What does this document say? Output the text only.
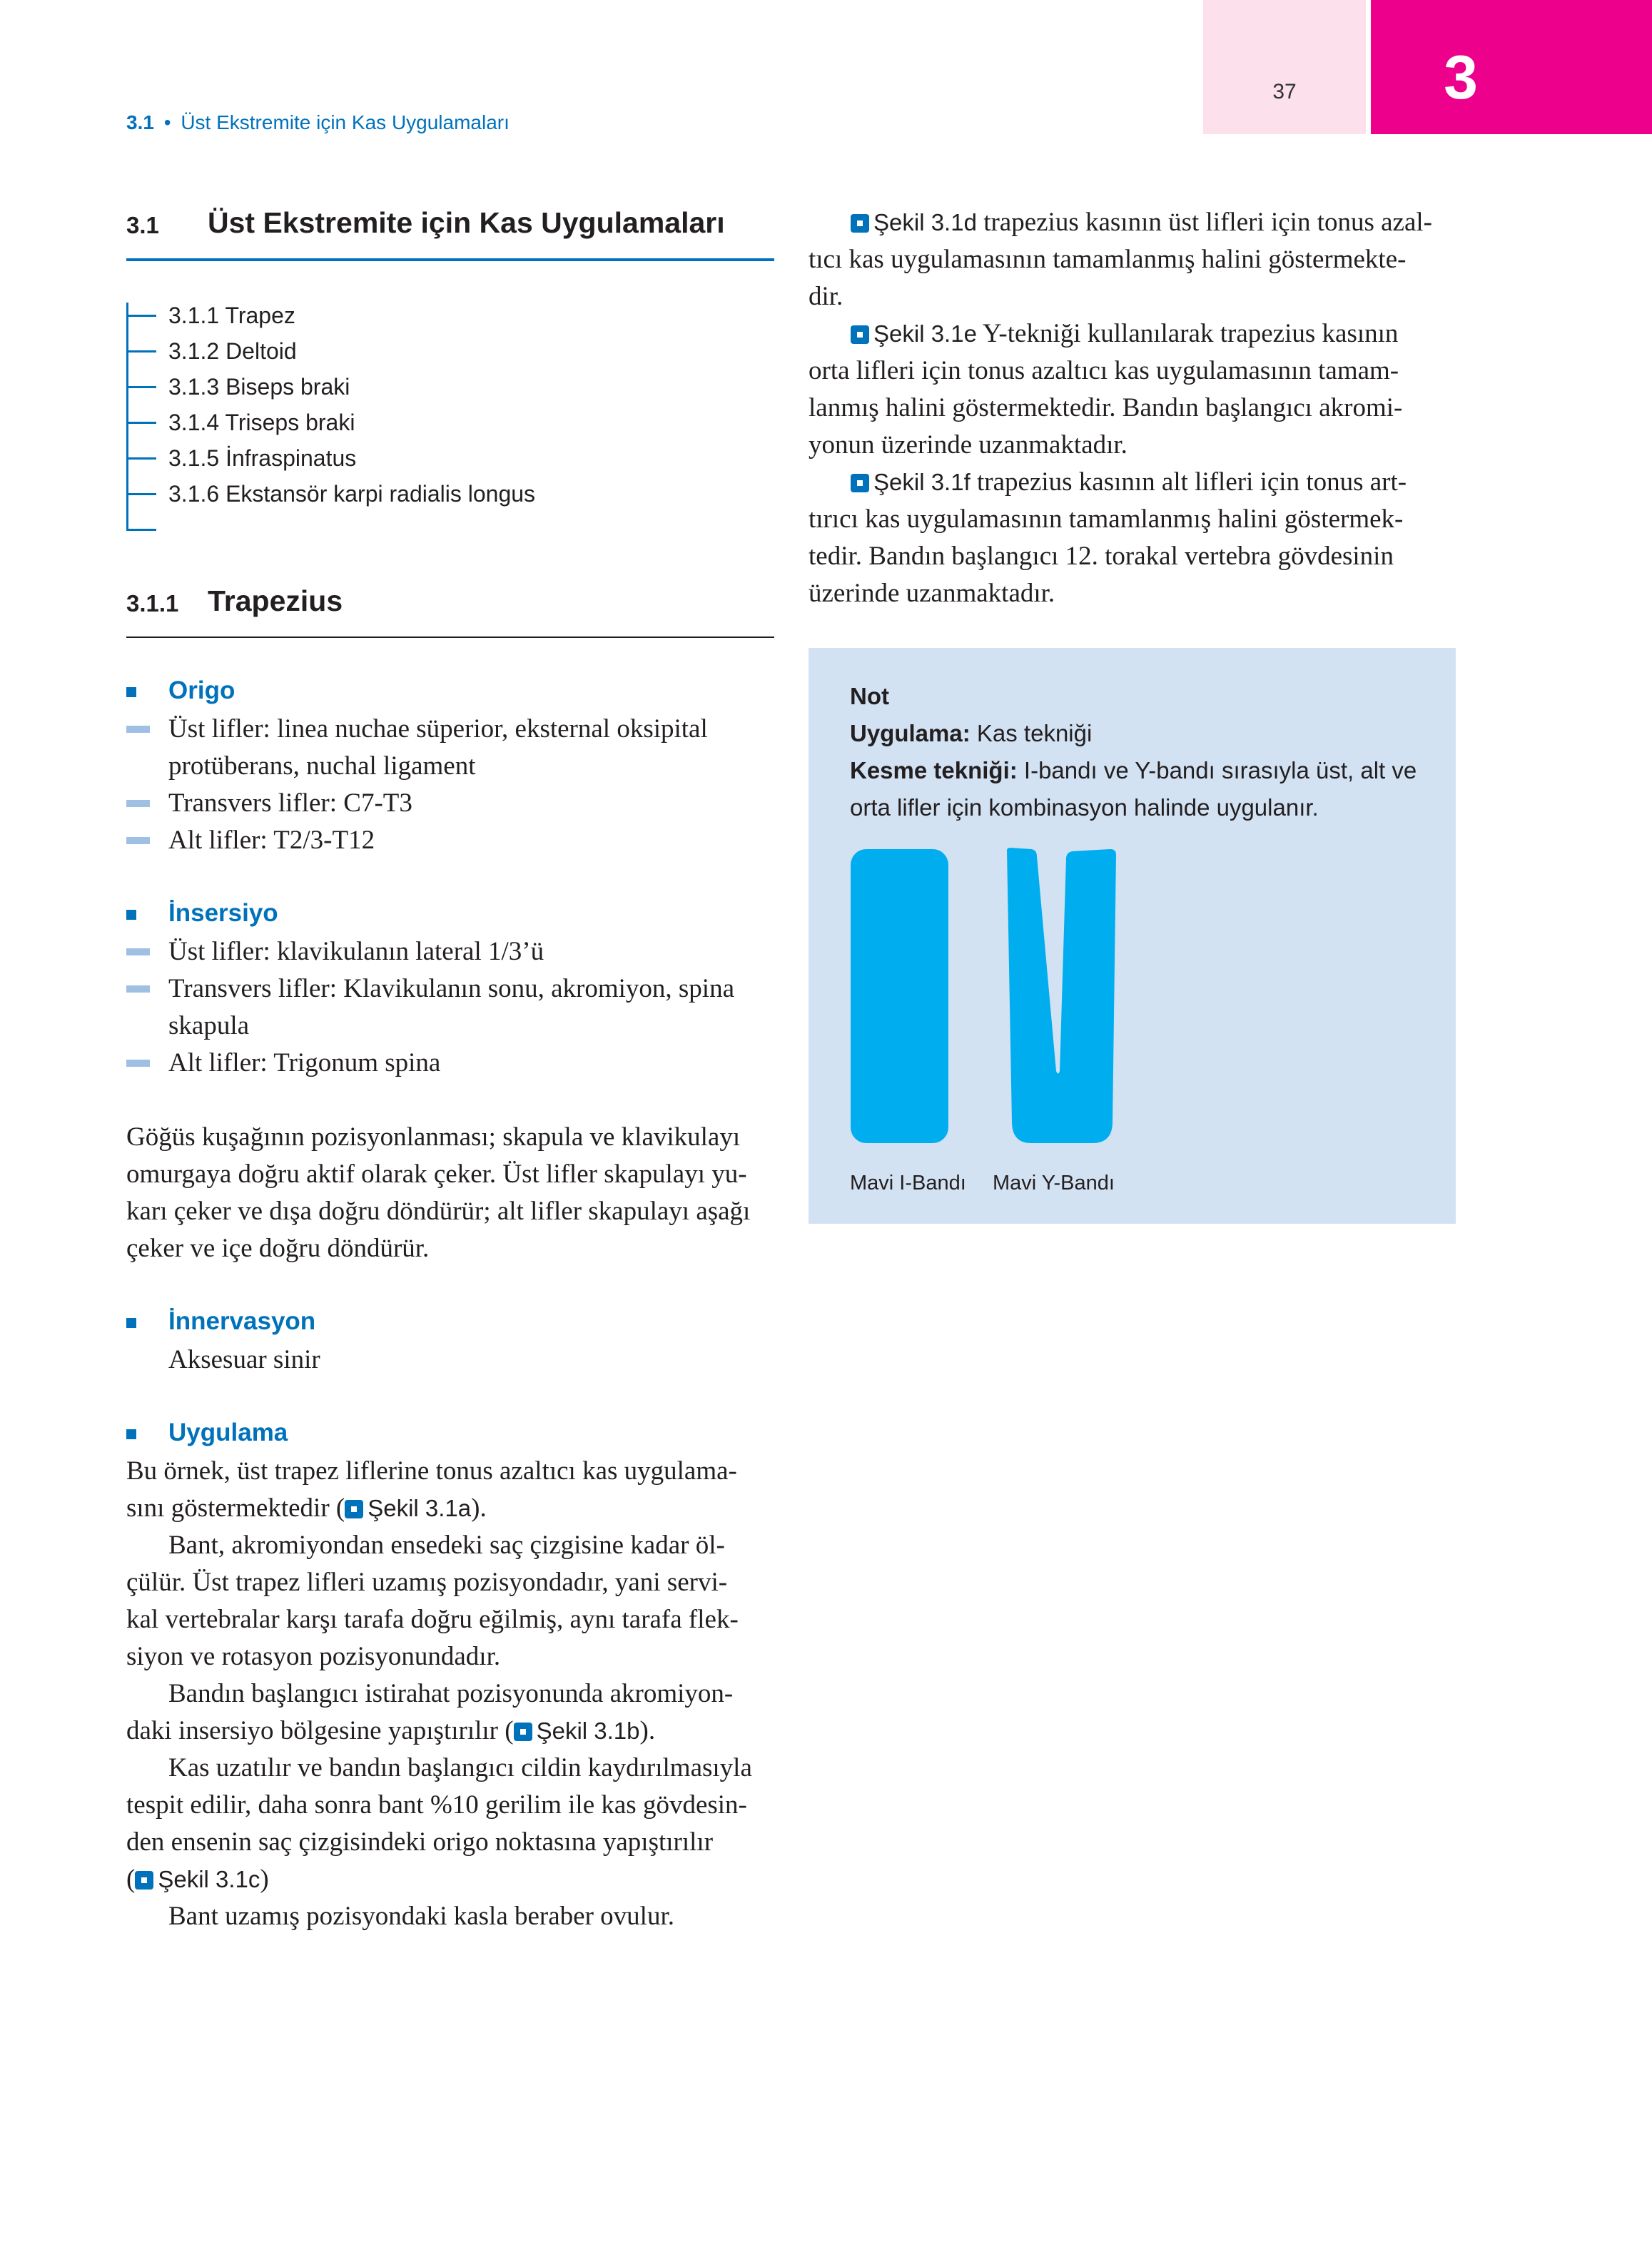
37	3
3.1 • Üst Ekstremite için Kas Uygulamaları
3.1 Üst Ekstremite için Kas Uygulamaları
3.1.1 Trapez
3.1.2 Deltoid
3.1.3 Biseps braki
3.1.4 Triseps braki
3.1.5 İnfraspinatus
3.1.6 Ekstansör karpi radialis longus
3.1.1 Trapezius
Origo
Üst lifler: linea nuchae süperior, eksternal oksipital
protüberans, nuchal ligament
Transvers lifler: C7-T3
Alt lifler: T2/3-T12
İnsersiyo
Üst lifler: klavikulanın lateral 1/3’ü
Transvers lifler: Klavikulanın sonu, akromiyon, spina
skapula
Alt lifler: Trigonum spina
Göğüs kuşağının pozisyonlanması; skapula ve klavikulayı
omurgaya doğru aktif olarak çeker. Üst lifler skapulayı yu-
karı çeker ve dışa doğru döndürür; alt lifler skapulayı aşağı
çeker ve içe doğru döndürür.
İnnervasyon
Aksesuar sinir
Uygulama
Bu örnek, üst trapez liflerine tonus azaltıcı kas uygulama-
sını göstermektedir ( Şekil 3.1a).
Bant, akromiyondan ensedeki saç çizgisine kadar öl-
çülür. Üst trapez lifleri uzamış pozisyondadır, yani servi-
kal vertebralar karşı tarafa doğru eğilmiş, aynı tarafa flek-
siyon ve rotasyon pozisyonundadır.
Bandın başlangıcı istirahat pozisyonunda akromiyon-
daki insersiyo bölgesine yapıştırılır ( Şekil 3.1b).
Kas uzatılır ve bandın başlangıcı cildin kaydırılmasıyla
tespit edilir, daha sonra bant %10 gerilim ile kas gövdesin-
den ensenin saç çizgisindeki origo noktasına yapıştırılır
( Şekil 3.1c)
Bant uzamış pozisyondaki kasla beraber ovulur.
Şekil 3.1d trapezius kasının üst lifleri için tonus azal-
tıcı kas uygulamasının tamamlanmış halini göstermekte-
dir.
Şekil 3.1e Y-tekniği kullanılarak trapezius kasının
orta lifleri için tonus azaltıcı kas uygulamasının tamam-
lanmış halini göstermektedir. Bandın başlangıcı akromi-
yonun üzerinde uzanmaktadır.
Şekil 3.1f trapezius kasının alt lifleri için tonus art-
tırıcı kas uygulamasının tamamlanmış halini göstermek-
tedir. Bandın başlangıcı 12. torakal vertebra gövdesinin
üzerinde uzanmaktadır.
Not
Uygulama: Kas tekniği
Kesme tekniği: I-bandı ve Y-bandı sırasıyla üst, alt ve
orta lifler için kombinasyon halinde uygulanır.
Mavi I-Bandı Mavi Y-Bandı
